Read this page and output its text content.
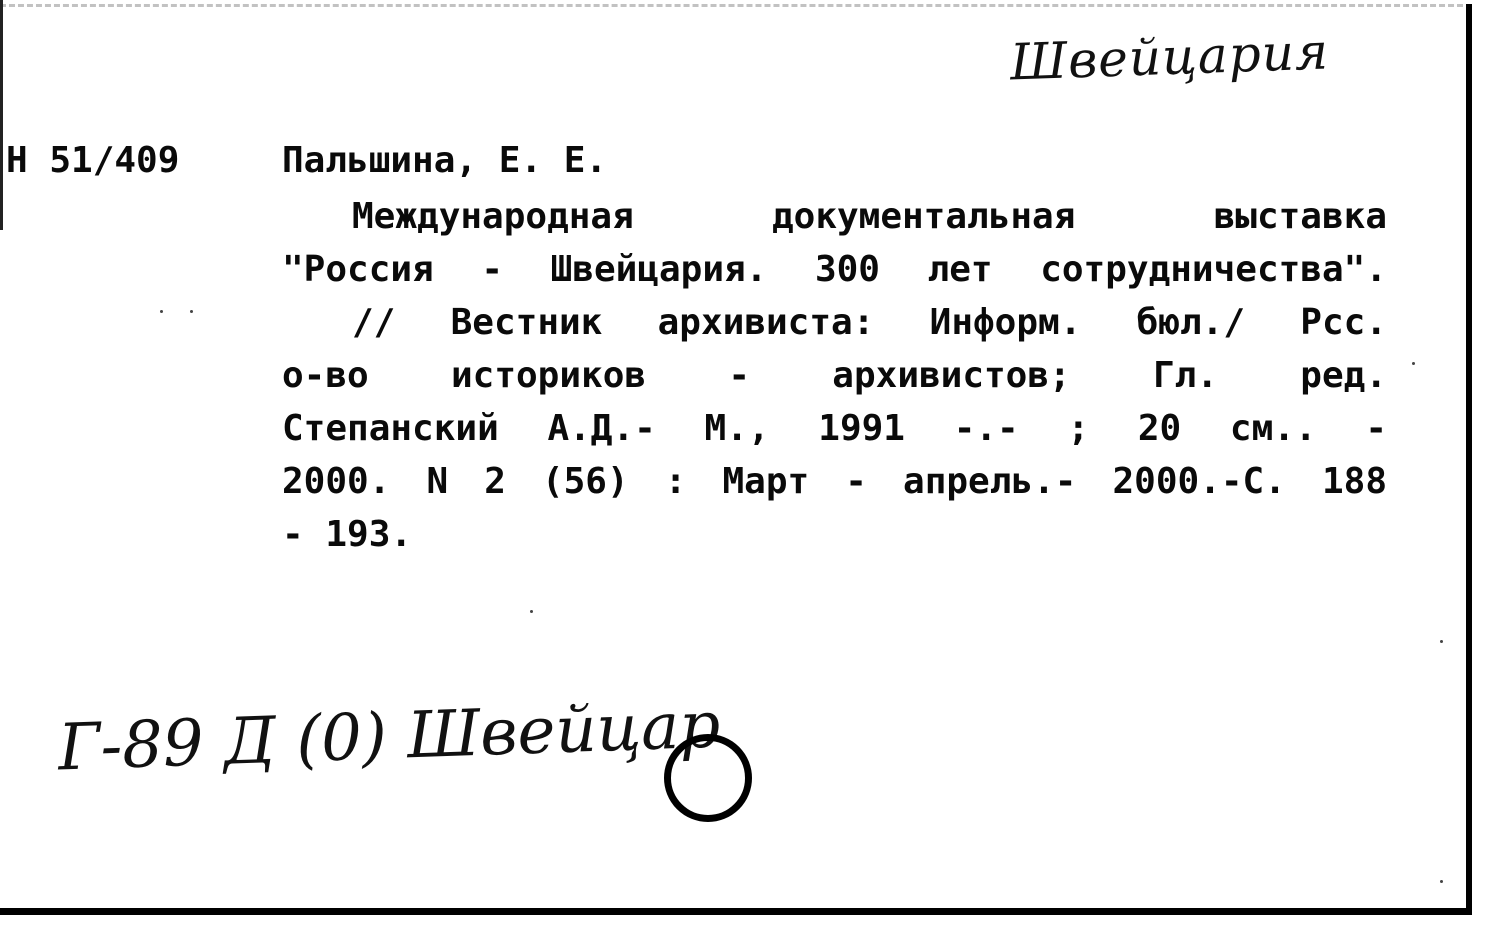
Швейцария
Н 51/409	Пальшина, Е. Е.
Международная документальная выставка
"Россия - Швейцария. 300 лет сотрудничества".
// Вестник архивиста: Информ. бюл./ Рсс.
о-во историков - архивистов; Гл. ред.
Степанский А.Д.- М., 1991 -.- ; 20 см.. -
2000. N 2 (56) : Март - апрель.- 2000.-С. 188
- 193.
Г-89 Д (0) Швейцар
